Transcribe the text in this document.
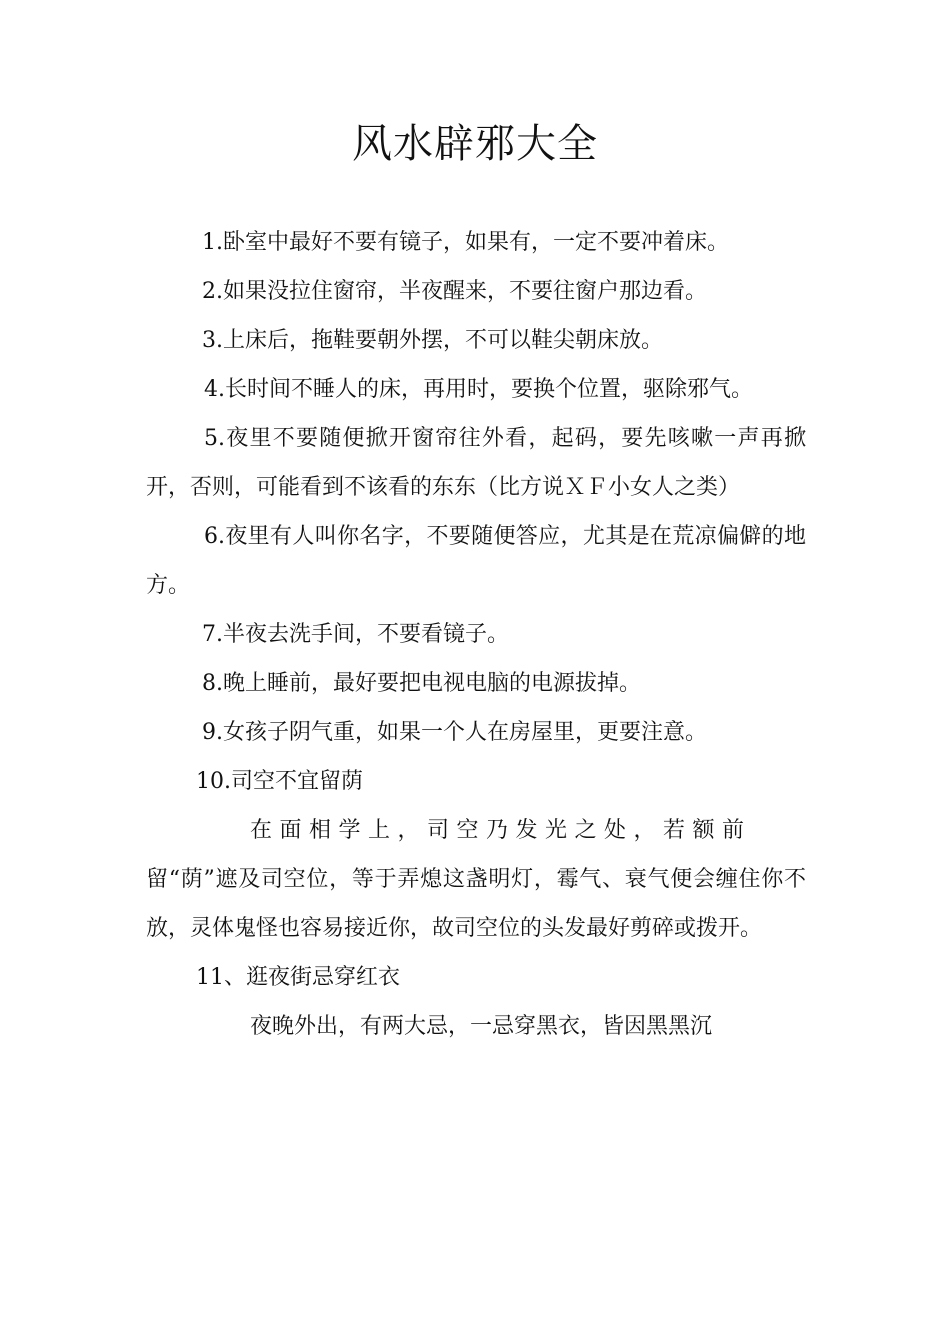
风水辟邪大全

1.卧室中最好不要有镜子，如果有，一定不要冲着床。

2.如果没拉住窗帘，半夜醒来，不要往窗户那边看。

3.上床后，拖鞋要朝外摆，不可以鞋尖朝床放。

4.长时间不睡人的床，再用时，要换个位置，驱除邪气。

5.夜里不要随便掀开窗帘往外看，起码，要先咳嗽一声再掀开，否则，可能看到不该看的东东（比方说ＸＦ小女人之类）

6.夜里有人叫你名字，不要随便答应，尤其是在荒凉偏僻的地方。

7.半夜去洗手间，不要看镜子。

8.晚上睡前，最好要把电视电脑的电源拔掉。

9.女孩子阴气重，如果一个人在房屋里，更要注意。

10.司空不宜留荫

在面相学上，司空乃发光之处，若额前

留“荫”遮及司空位，等于弄熄这盏明灯，霉气、衰气便会缠住你不放，灵体鬼怪也容易接近你，故司空位的头发最好剪碎或拨开。

11、逛夜街忌穿红衣

夜晚外出，有两大忌，一忌穿黑衣，皆因黑黑沉
